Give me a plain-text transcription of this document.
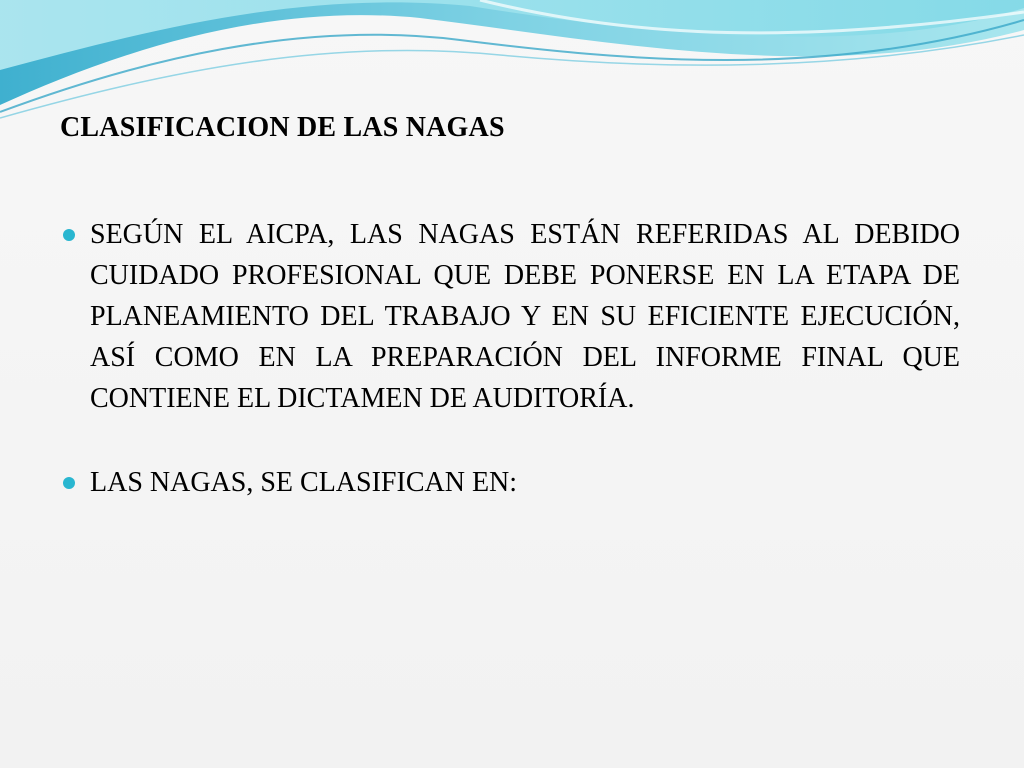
CLASIFICACION DE LAS NAGAS
SEGÚN EL AICPA, LAS NAGAS ESTÁN REFERIDAS AL DEBIDO CUIDADO PROFESIONAL QUE DEBE PONERSE EN LA ETAPA DE PLANEAMIENTO DEL TRABAJO Y EN SU EFICIENTE EJECUCIÓN, ASÍ COMO EN LA PREPARACIÓN DEL INFORME FINAL QUE CONTIENE EL DICTAMEN DE AUDITORÍA.
LAS NAGAS, SE CLASIFICAN EN:
